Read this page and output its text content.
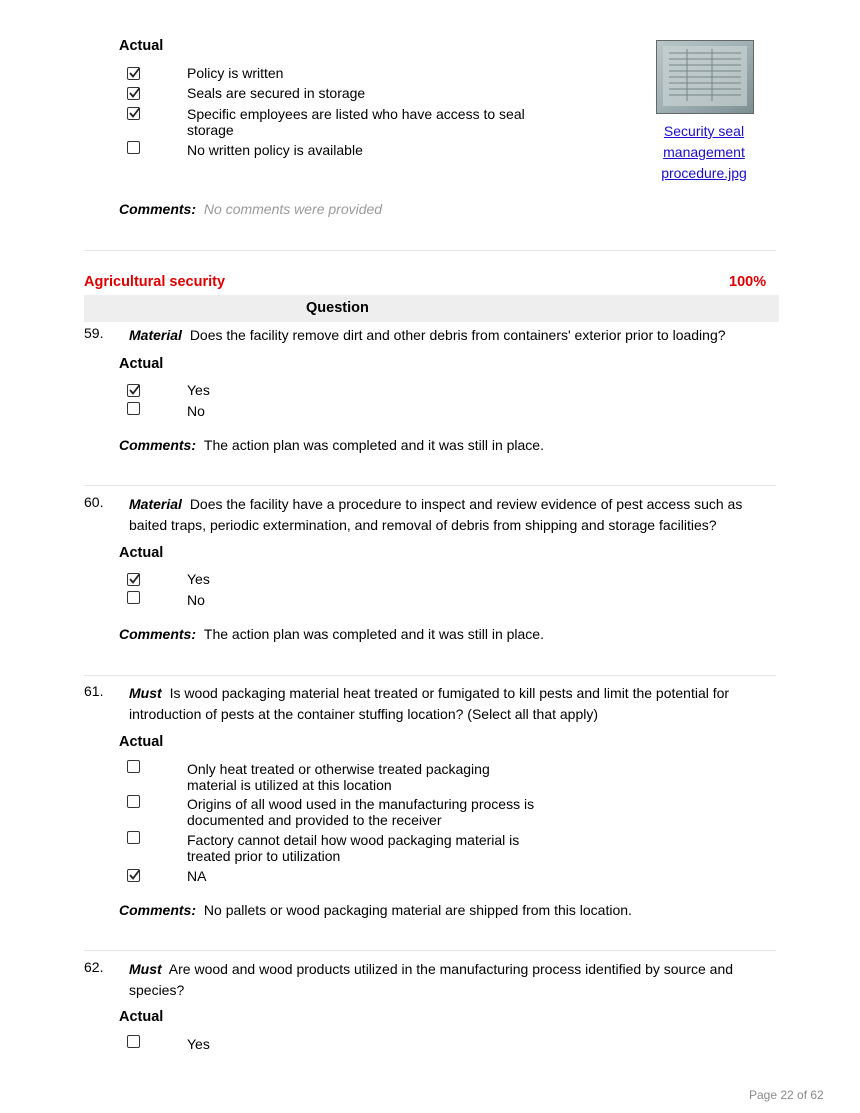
Actual
Policy is written
Seals are secured in storage
Specific employees are listed who have access to seal storage
No written policy is available
Security seal management procedure.jpg
Comments: No comments were provided
Agricultural security	100%
Question
59. Material Does the facility remove dirt and other debris from containers' exterior prior to loading?
Actual
Yes
No
Comments: The action plan was completed and it was still in place.
60. Material Does the facility have a procedure to inspect and review evidence of pest access such as baited traps, periodic extermination, and removal of debris from shipping and storage facilities?
Actual
Yes
No
Comments: The action plan was completed and it was still in place.
61. Must Is wood packaging material heat treated or fumigated to kill pests and limit the potential for introduction of pests at the container stuffing location? (Select all that apply)
Actual
Only heat treated or otherwise treated packaging material is utilized at this location
Origins of all wood used in the manufacturing process is documented and provided to the receiver
Factory cannot detail how wood packaging material is treated prior to utilization
NA
Comments: No pallets or wood packaging material are shipped from this location.
62. Must Are wood and wood products utilized in the manufacturing process identified by source and species?
Actual
Yes
Page 22 of 62
